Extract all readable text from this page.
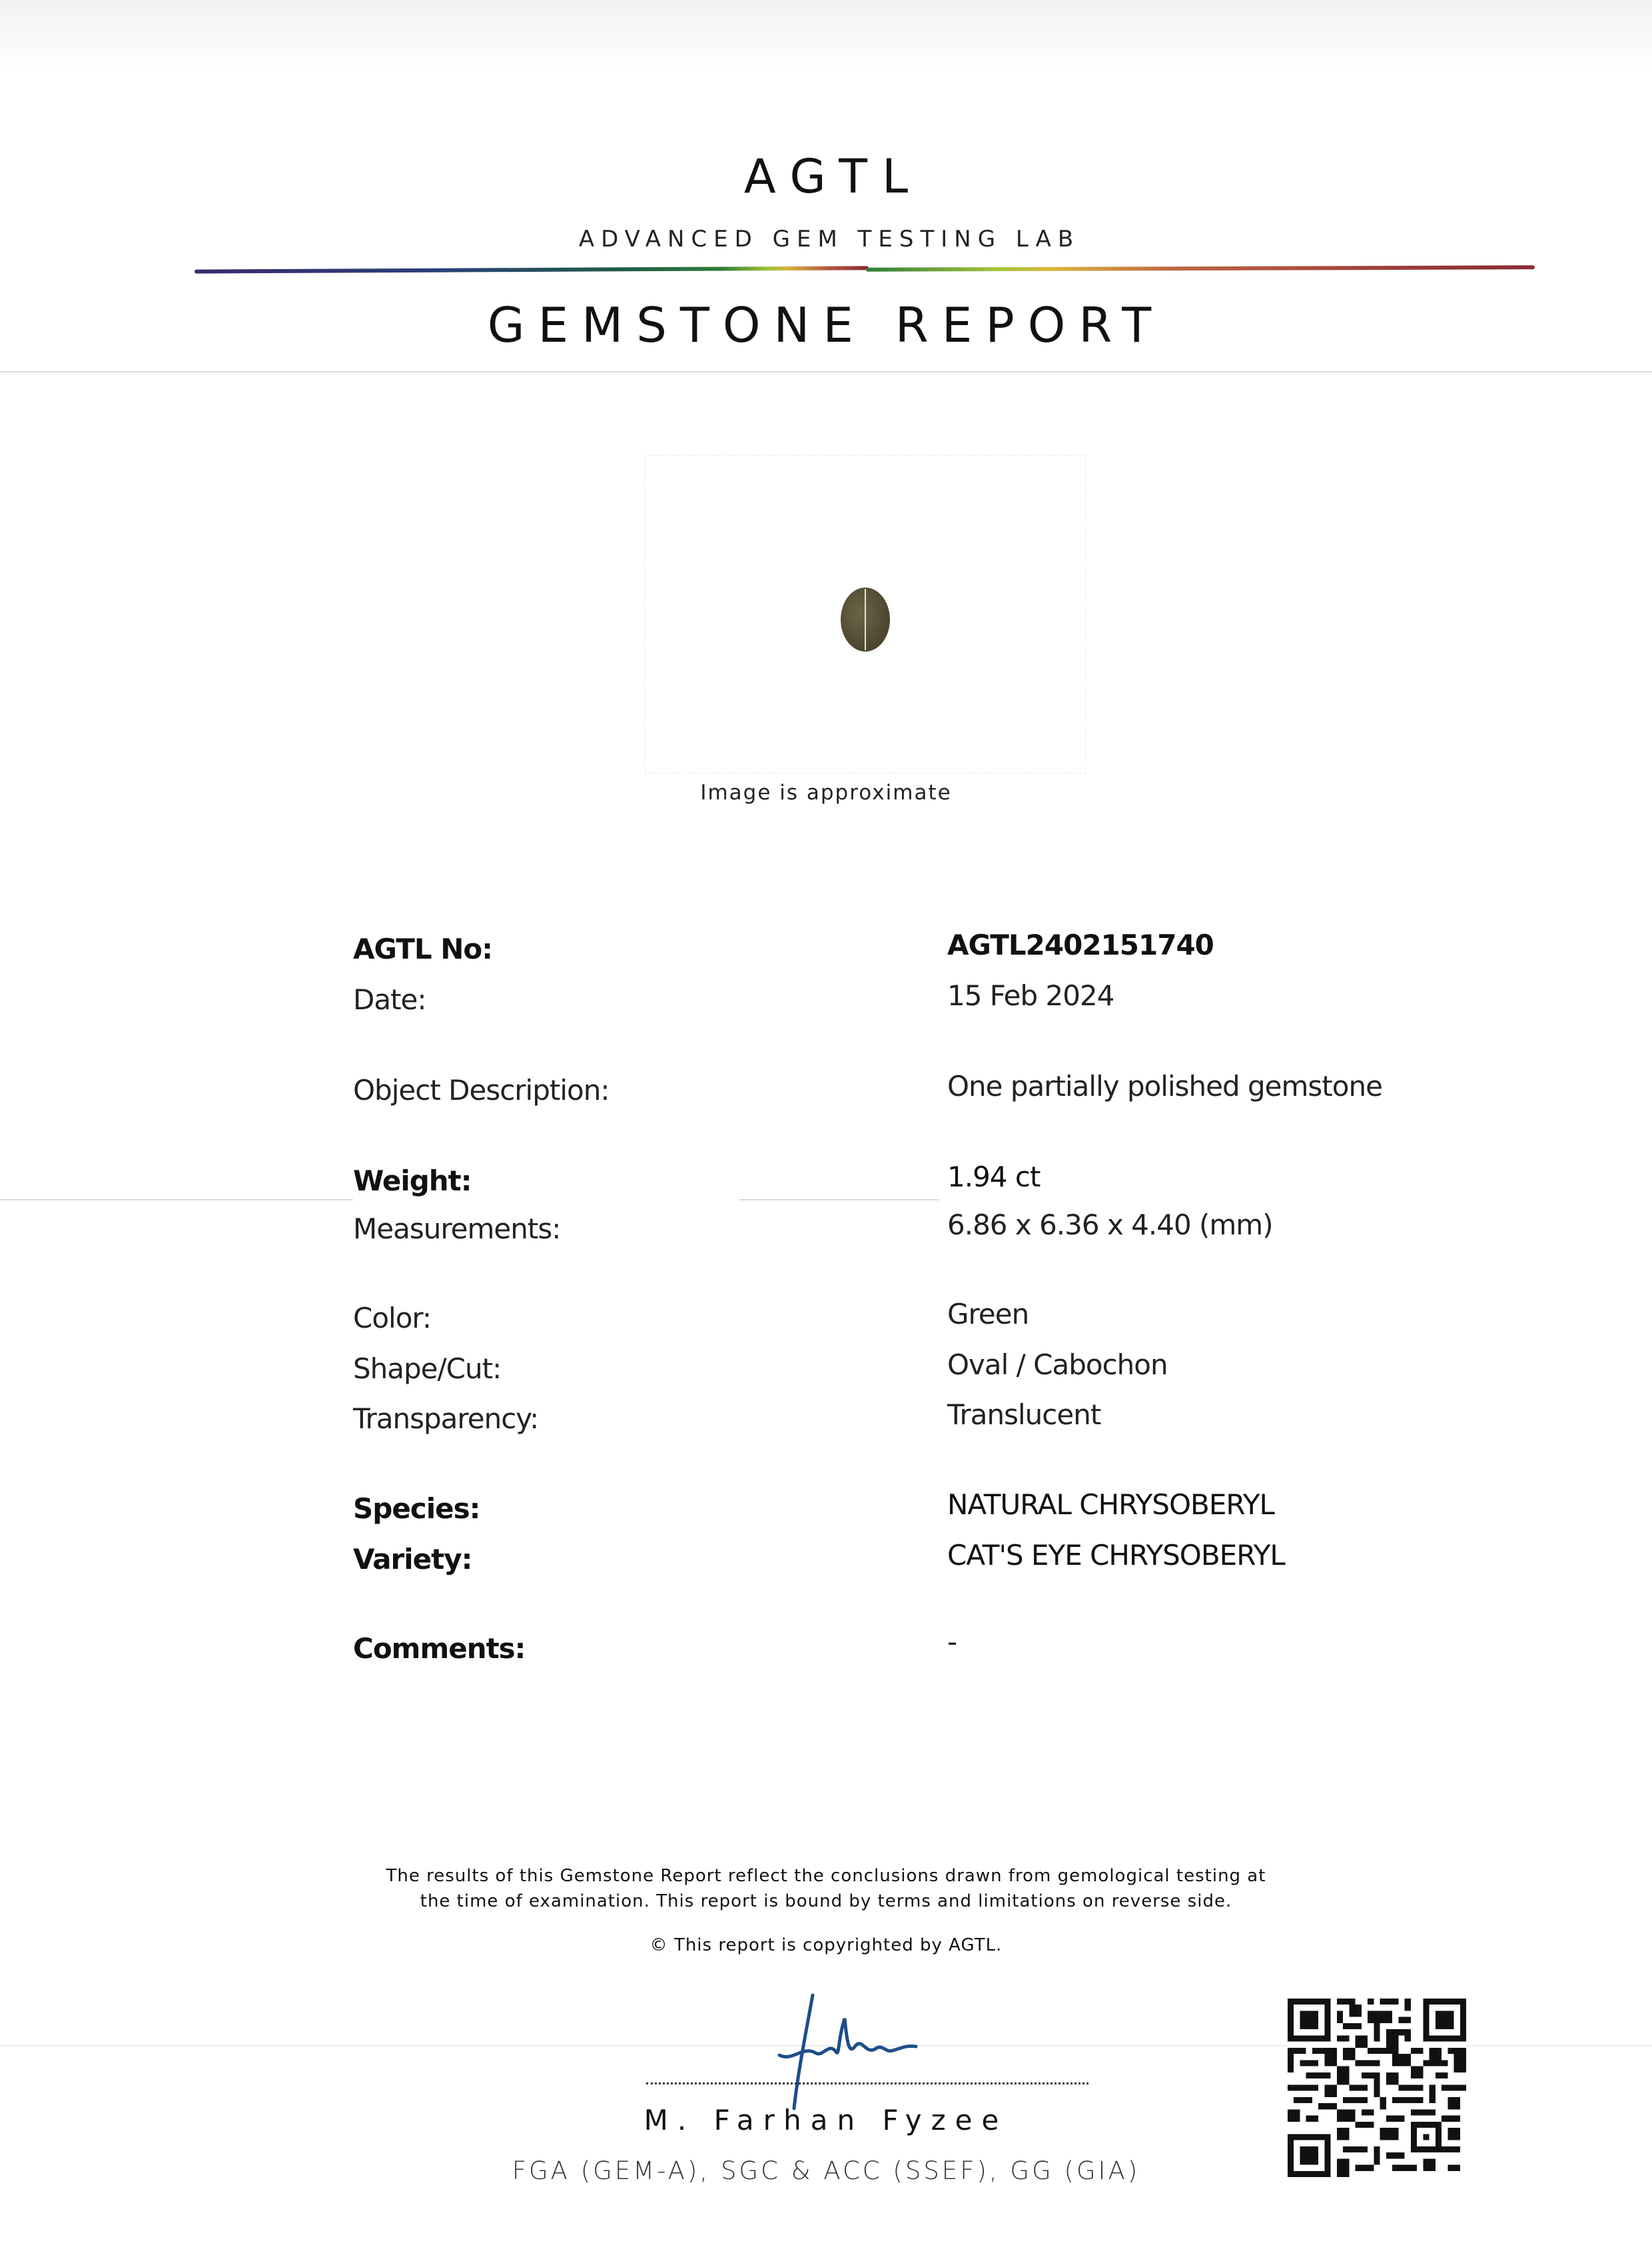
AGTL
ADVANCED GEM TESTING LAB
GEMSTONE REPORT
Image is approximate
AGTL No:	AGTL2402151740
Date:	15 Feb 2024
Object Description:	One partially polished gemstone
Weight:	1.94 ct
Measurements:	6.86 x 6.36 x 4.40 (mm)
Color:	Green
Shape/Cut:	Oval / Cabochon
Transparency:	Translucent
Species:	NATURAL CHRYSOBERYL
Variety:	CAT'S EYE CHRYSOBERYL
Comments:	-
The results of this Gemstone Report reflect the conclusions drawn from gemological testing at
the time of examination. This report is bound by terms and limitations on reverse side.
© This report is copyrighted by AGTL.
M. Farhan Fyzee
FGA (GEM-A), SGC & ACC (SSEF), GG (GIA)
